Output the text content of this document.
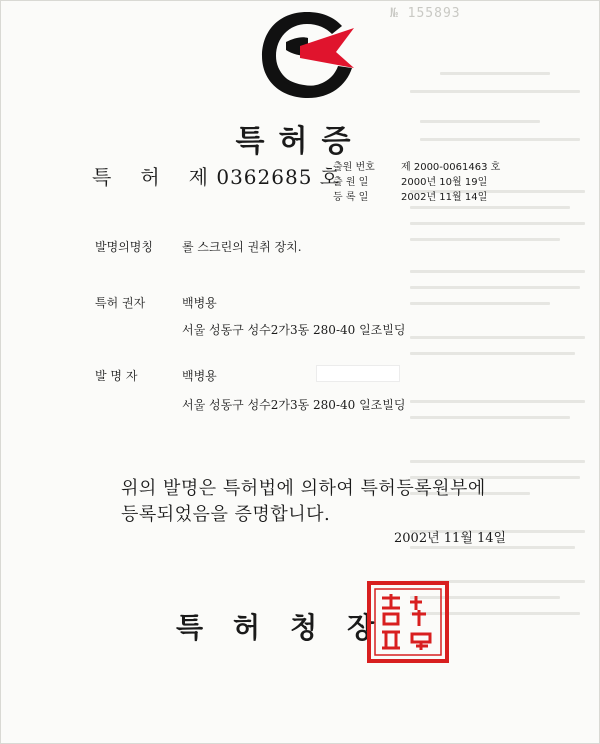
№ 155893
특허증
특 허 제 0362685 호
출원 번호	제 2000-0061463 호
출 원 일	2000년 10월 19일
등 록 일	2002년 11월 14일
발명의명칭 롤 스크린의 권취 장치.
특허 권자	백병용
서울 성동구 성수2가3동 280-40 일조빌딩
발 명 자	백병용
서울 성동구 성수2가3동 280-40 일조빌딩
위의 발명은 특허법에 의하여 특허등록원부에
등록되었음을 증명합니다.
2002년 11월 14일
특허청장
